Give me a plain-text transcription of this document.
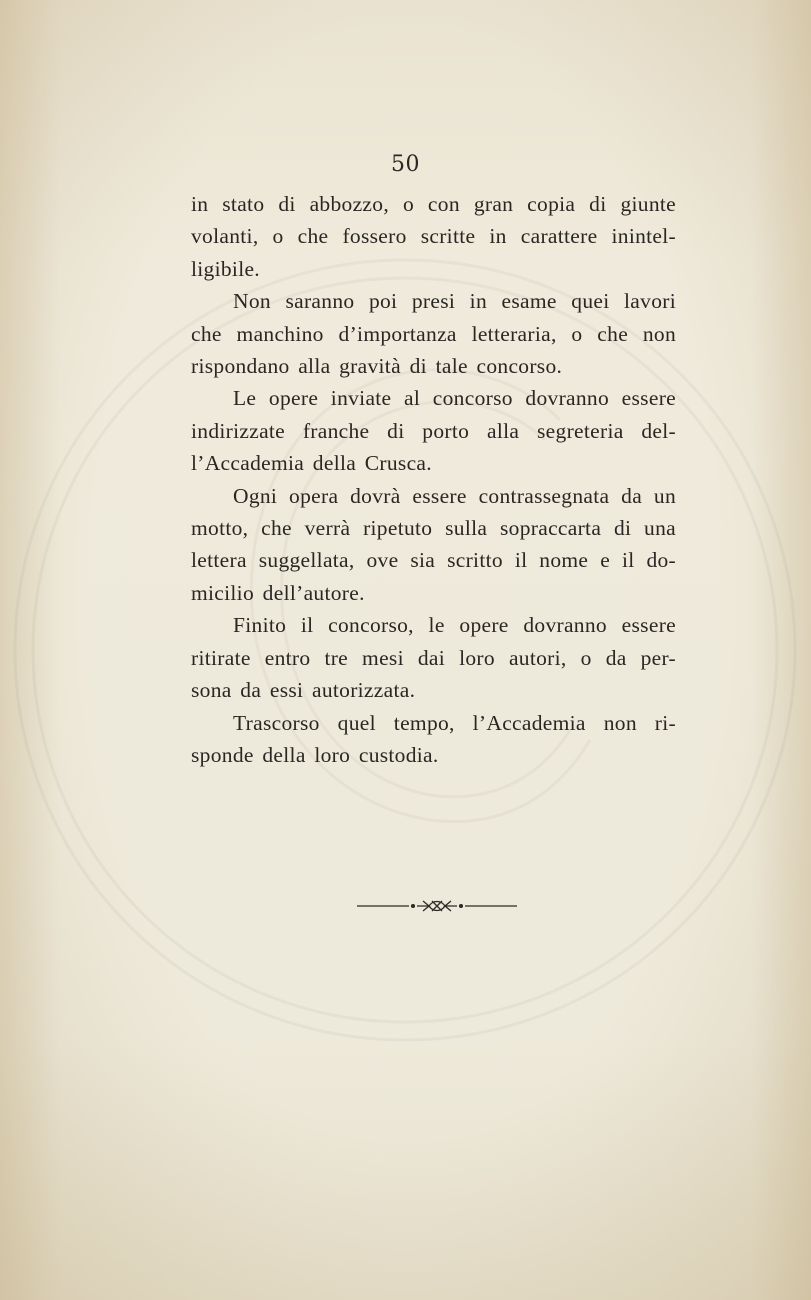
50

in stato di abbozzo, o con gran copia di giunte
volanti, o che fossero scritte in carattere inintel-
ligibile.

Non saranno poi presi in esame quei lavori
che manchino d’importanza letteraria, o che non
rispondano alla gravità di tale concorso.

Le opere inviate al concorso dovranno essere
indirizzate franche di porto alla segreteria del-
l’Accademia della Crusca.

Ogni opera dovrà essere contrassegnata da un
motto, che verrà ripetuto sulla sopraccarta di una
lettera suggellata, ove sia scritto il nome e il do-
micilio dell’autore.

Finito il concorso, le opere dovranno essere
ritirate entro tre mesi dai loro autori, o da per-
sona da essi autorizzata.

Trascorso quel tempo, l’Accademia non ri-
sponde della loro custodia.
